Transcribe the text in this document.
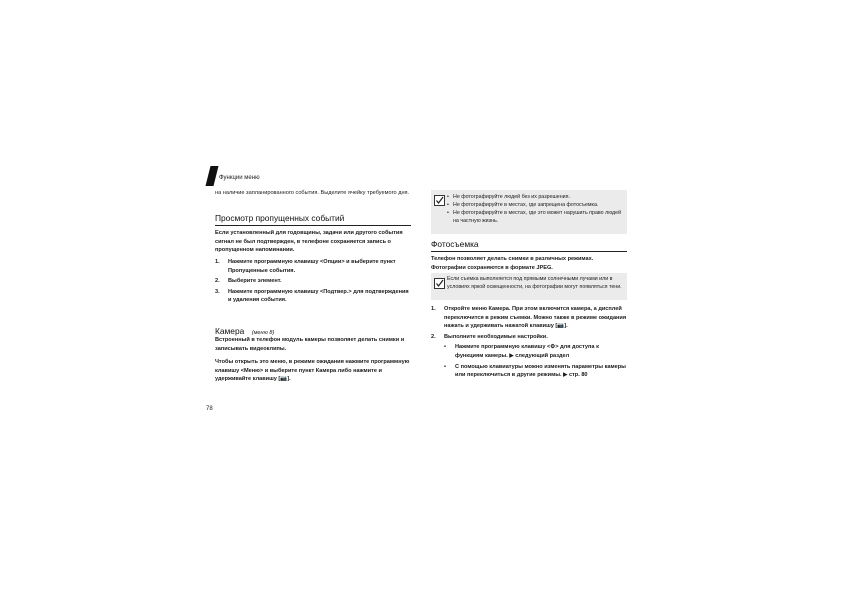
Функции меню
на наличие запланированного события. Выделите ячейку требуемого дня.
Просмотр пропущенных событий
Если установленный для годовщины, задачи или другого события сигнал не был подтвержден, в телефоне сохраняется запись о пропущенном напоминании.
1. Нажмите программную клавишу <Опции> и выберите пункт Пропущенные события.
2. Выберите элемент.
3. Нажмите программную клавишу <Подтвер.> для подтверждения и удаления события.
Камера (меню 8)
Встроенный в телефон модуль камеры позволяет делать снимки и записывать видеоклипы.
Чтобы открыть это меню, в режиме ожидания нажмите программную клавишу <Меню> и выберите пункт Камера либо нажмите и удерживайте клавишу [📷].
78
• Не фотографируйте людей без их разрешения.
• Не фотографируйте в местах, где запрещена фотосъемка.
• Не фотографируйте в местах, где это может нарушить право людей на частную жизнь.
Фотосъемка
Телефон позволяет делать снимки в различных режимах. Фотографии сохраняются в формате JPEG.
Если съемка выполняется под прямыми солнечными лучами или в условиях яркой освещенности, на фотографии могут появляться тени.
1. Откройте меню Камера. При этом включится камера, а дисплей переключится в режим съемки. Можно также в режиме ожидания нажать и удерживать нажатой клавишу [📷].
2. Выполните необходимые настройки.
• Нажмите программную клавишу <⚙> для доступа к функциям камеры. ▶ следующий раздел
• С помощью клавиатуры можно изменять параметры камеры или переключиться в другие режимы. ▶ стр. 80
